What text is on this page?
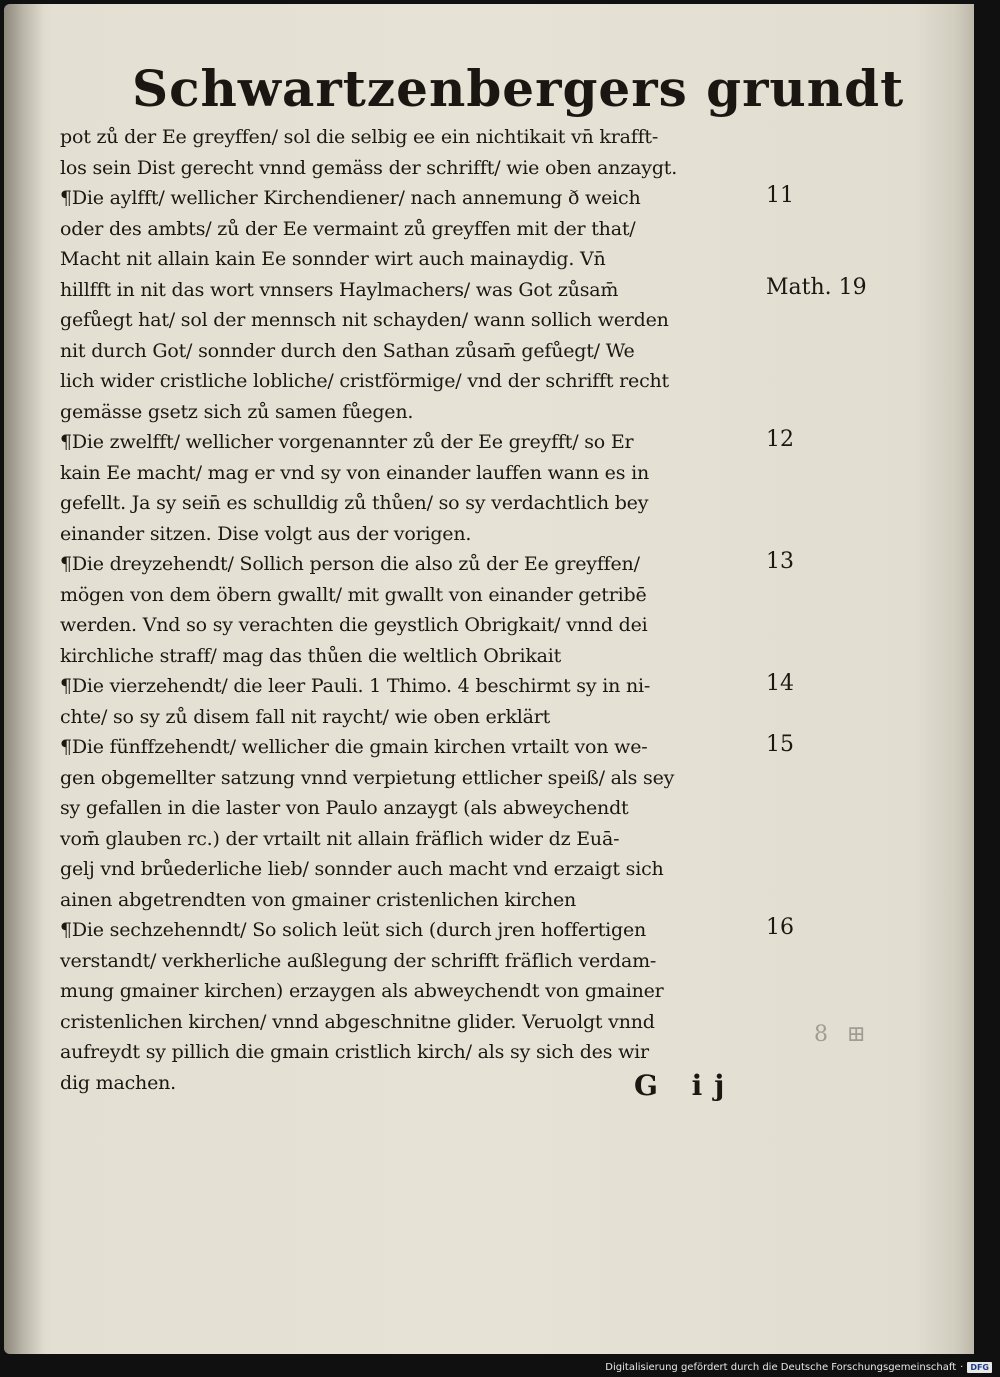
Schwartzenbergers grundt
pot zů der Ee greyffen/ sol die selbig ee ein nichtikait vn̄ krafft-
los sein Dist gerecht vnnd gemäss der schrifft/ wie oben anzaygt.
¶Die aylfft/ wellicher Kirchendiener/ nach annemung ð weich
oder des ambts/ zů der Ee vermaint zů greyffen mit der that/
Macht nit allain kain Ee sonnder wirt auch mainaydig. Vn̄
hillfft in nit das wort vnnsers Haylmachers/ was Got zůsam̄
gefůegt hat/ sol der mennsch nit schayden/ wann sollich werden
nit durch Got/ sonnder durch den Sathan zůsam̄ gefůegt/ We
lich wider cristliche lobliche/ cristförmige/ vnd der schrifft recht
gemässe gsetz sich zů samen fůegen.
¶Die zwelfft/ wellicher vorgenannter zů der Ee greyfft/ so Er
kain Ee macht/ mag er vnd sy von einander lauffen wann es in
gefellt. Ja sy sein̄ es schulldig zů thůen/ so sy verdachtlich bey
einander sitzen. Dise volgt aus der vorigen.
¶Die dreyzehendt/ Sollich person die also zů der Ee greyffen/
mögen von dem öbern gwallt/ mit gwallt von einander getribē
werden. Vnd so sy verachten die geystlich Obrigkait/ vnnd dei
kirchliche straff/ mag das thůen die weltlich Obrikait
¶Die vierzehendt/ die leer Pauli. 1 Thimo. 4 beschirmt sy in ni-
chte/ so sy zů disem fall nit raycht/ wie oben erklärt
¶Die fünffzehendt/ wellicher die gmain kirchen vrtailt von we-
gen obgemellter satzung vnnd verpietung ettlicher speiß/ als sey
sy gefallen in die laster von Paulo anzaygt (als abweychendt
vom̄ glauben rc.) der vrtailt nit allain fräflich wider dz Euā-
gelj vnd brůederliche lieb/ sonnder auch macht vnd erzaigt sich
ainen abgetrendten von gmainer cristenlichen kirchen
¶Die sechzehenndt/ So solich leüt sich (durch jren hoffertigen
verstandt/ verkherliche außlegung der schrifft fräflich verdam-
mung gmainer kirchen) erzaygen als abweychendt von gmainer
cristenlichen kirchen/ vnnd abgeschnitne glider. Veruolgt vnnd
aufreydt sy pillich die gmain cristlich kirch/ als sy sich des wir
dig machen.
11
Math. 19
12
13
14
15
16
G ij
8 ⊞
Digitalisierung gefördert durch die Deutsche Forschungsgemeinschaft · DFG
